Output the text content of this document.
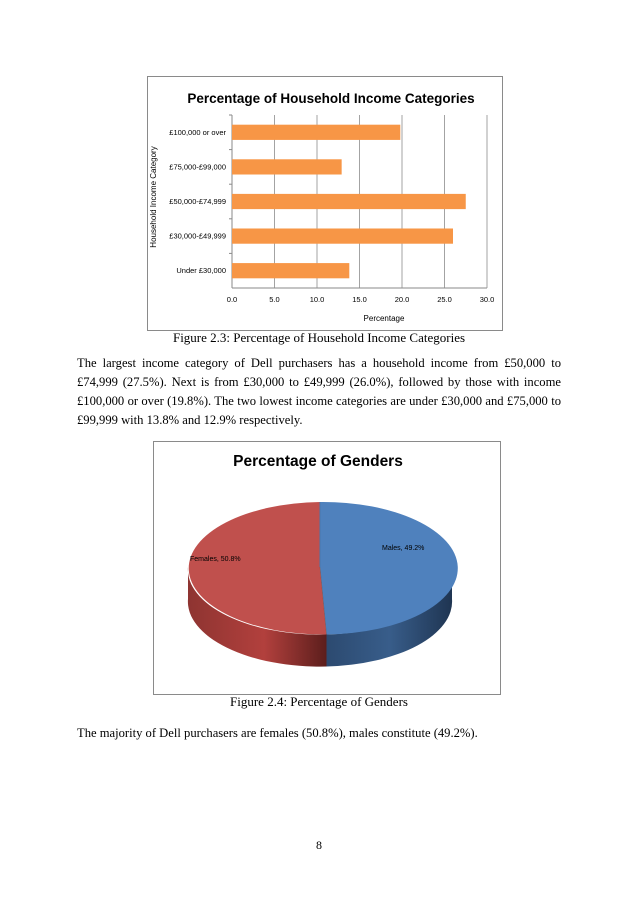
Percentage of Household Income Categories
Household Income Category
Percentage
£100,000 or over
£75,000-£99,000
£50,000-£74,999
£30,000-£49,999
Under £30,000
0.0	5.0	10.0	15.0	20.0	25.0	30.0
Figure 2.3: Percentage of Household Income Categories

The largest income category of Dell purchasers has a household income from £50,000 to £74,999 (27.5%). Next is from £30,000 to £49,999 (26.0%), followed by those with income £100,000 or over (19.8%). The two lowest income categories are under £30,000 and £75,000 to £99,999 with 13.8% and 12.9% respectively.

Percentage of Genders
Males, 49.2%
Females, 50.8%
Figure 2.4: Percentage of Genders

The majority of Dell purchasers are females (50.8%), males constitute (49.2%).

8
